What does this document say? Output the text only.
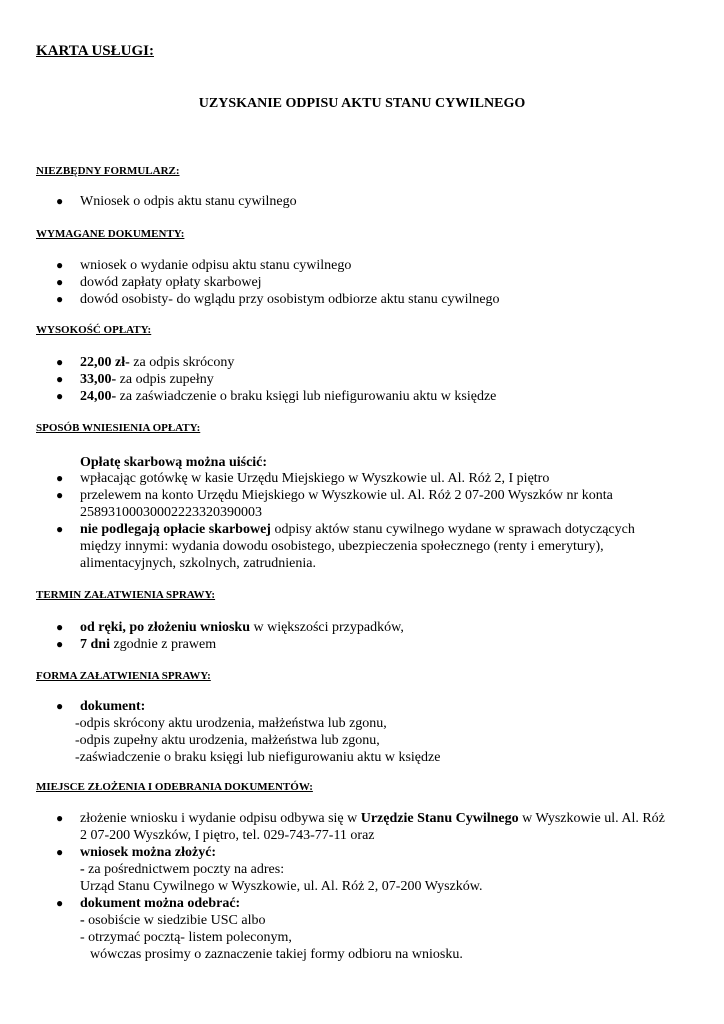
KARTA USŁUGI:
UZYSKANIE ODPISU AKTU STANU CYWILNEGO
NIEZBĘDNY FORMULARZ:
● Wniosek o odpis aktu stanu cywilnego
WYMAGANE DOKUMENTY:
● wniosek o wydanie odpisu aktu stanu cywilnego
● dowód zapłaty opłaty skarbowej
● dowód osobisty- do wglądu przy osobistym odbiorze aktu stanu cywilnego
WYSOKOŚĆ OPŁATY:
● 22,00 zł- za odpis skrócony
● 33,00- za odpis zupełny
● 24,00- za zaświadczenie o braku księgi lub niefigurowaniu aktu w księdze
SPOSÓB WNIESIENIA OPŁATY:
Opłatę skarbową można uiścić:
● wpłacając gotówkę w kasie Urzędu Miejskiego w Wyszkowie ul. Al. Róż 2, I piętro
● przelewem na konto Urzędu Miejskiego w Wyszkowie ul. Al. Róż 2 07-200 Wyszków nr konta
25893100030002223320390003
● nie podlegają opłacie skarbowej odpisy aktów stanu cywilnego wydane w sprawach dotyczących
między innymi: wydania dowodu osobistego, ubezpieczenia społecznego (renty i emerytury),
alimentacyjnych, szkolnych, zatrudnienia.
TERMIN ZAŁATWIENIA SPRAWY:
● od ręki, po złożeniu wniosku w większości przypadków,
● 7 dni zgodnie z prawem
FORMA ZAŁATWIENIA SPRAWY:
● dokument:
-odpis skrócony aktu urodzenia, małżeństwa lub zgonu,
-odpis zupełny aktu urodzenia, małżeństwa lub zgonu,
-zaświadczenie o braku księgi lub niefigurowaniu aktu w księdze
MIEJSCE ZŁOŻENIA I ODEBRANIA DOKUMENTÓW:
● złożenie wniosku i wydanie odpisu odbywa się w Urzędzie Stanu Cywilnego w Wyszkowie ul. Al. Róż
2 07-200 Wyszków, I piętro, tel. 029-743-77-11 oraz
● wniosek można złożyć:
- za pośrednictwem poczty na adres:
Urząd Stanu Cywilnego w Wyszkowie, ul. Al. Róż 2, 07-200 Wyszków.
● dokument można odebrać:
- osobiście w siedzibie USC albo
- otrzymać pocztą- listem poleconym,
wówczas prosimy o zaznaczenie takiej formy odbioru na wniosku.
